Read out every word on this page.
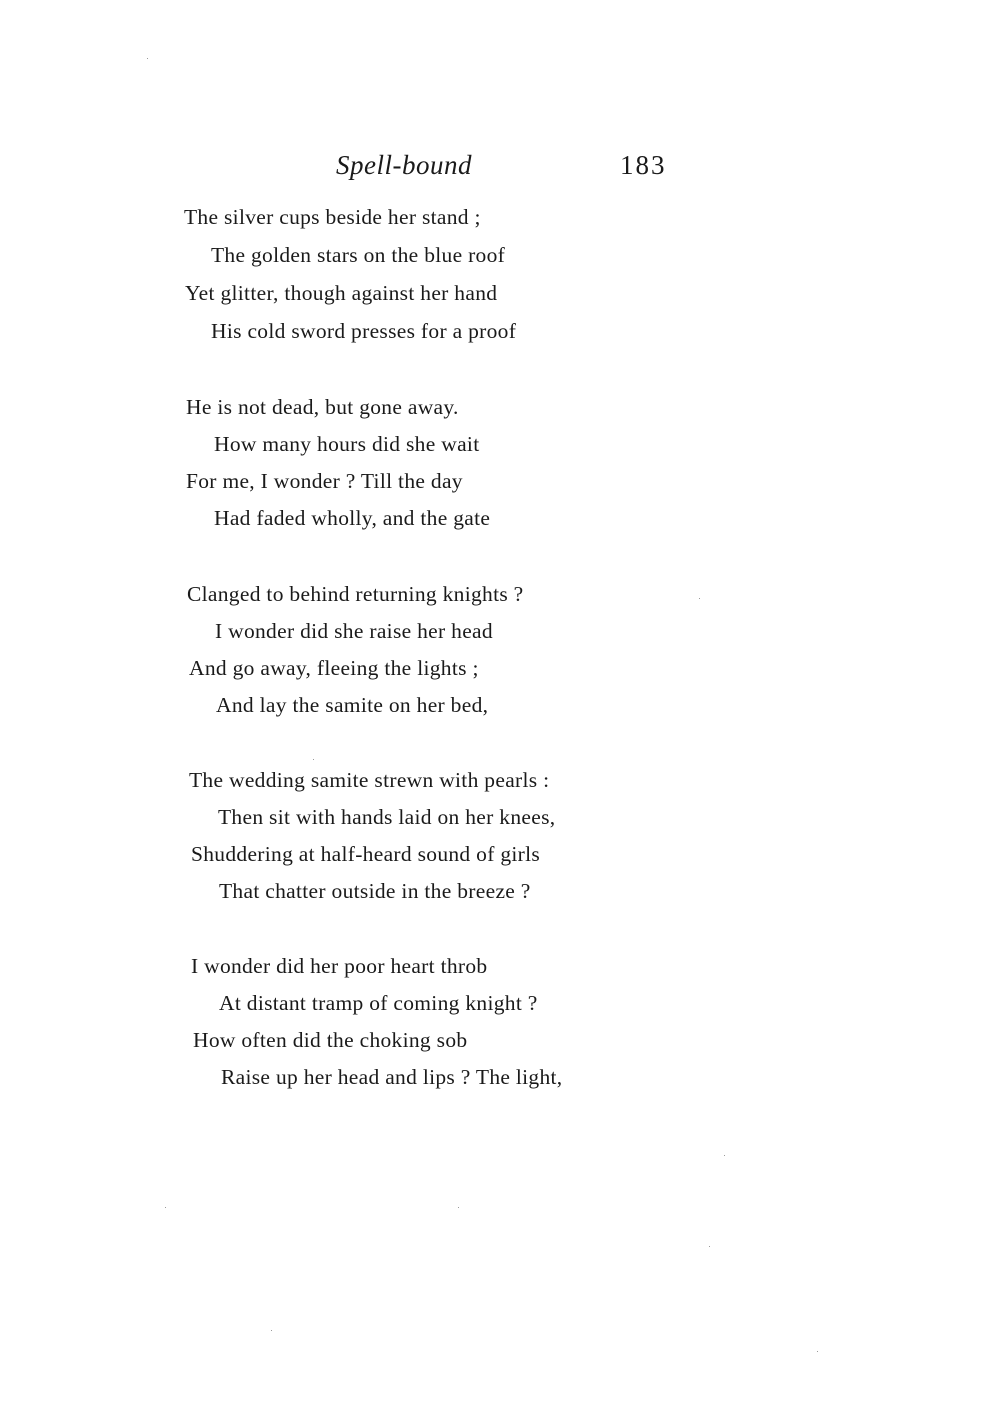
Spell-bound	183
The silver cups beside her stand ;
The golden stars on the blue roof
Yet glitter, though against her hand
His cold sword presses for a proof
He is not dead, but gone away.
How many hours did she wait
For me, I wonder ? Till the day
Had faded wholly, and the gate
Clanged to behind returning knights ?
I wonder did she raise her head
And go away, fleeing the lights ;
And lay the samite on her bed,
The wedding samite strewn with pearls :
Then sit with hands laid on her knees,
Shuddering at half-heard sound of girls
That chatter outside in the breeze ?
I wonder did her poor heart throb
At distant tramp of coming knight ?
How often did the choking sob
Raise up her head and lips ? The light,
